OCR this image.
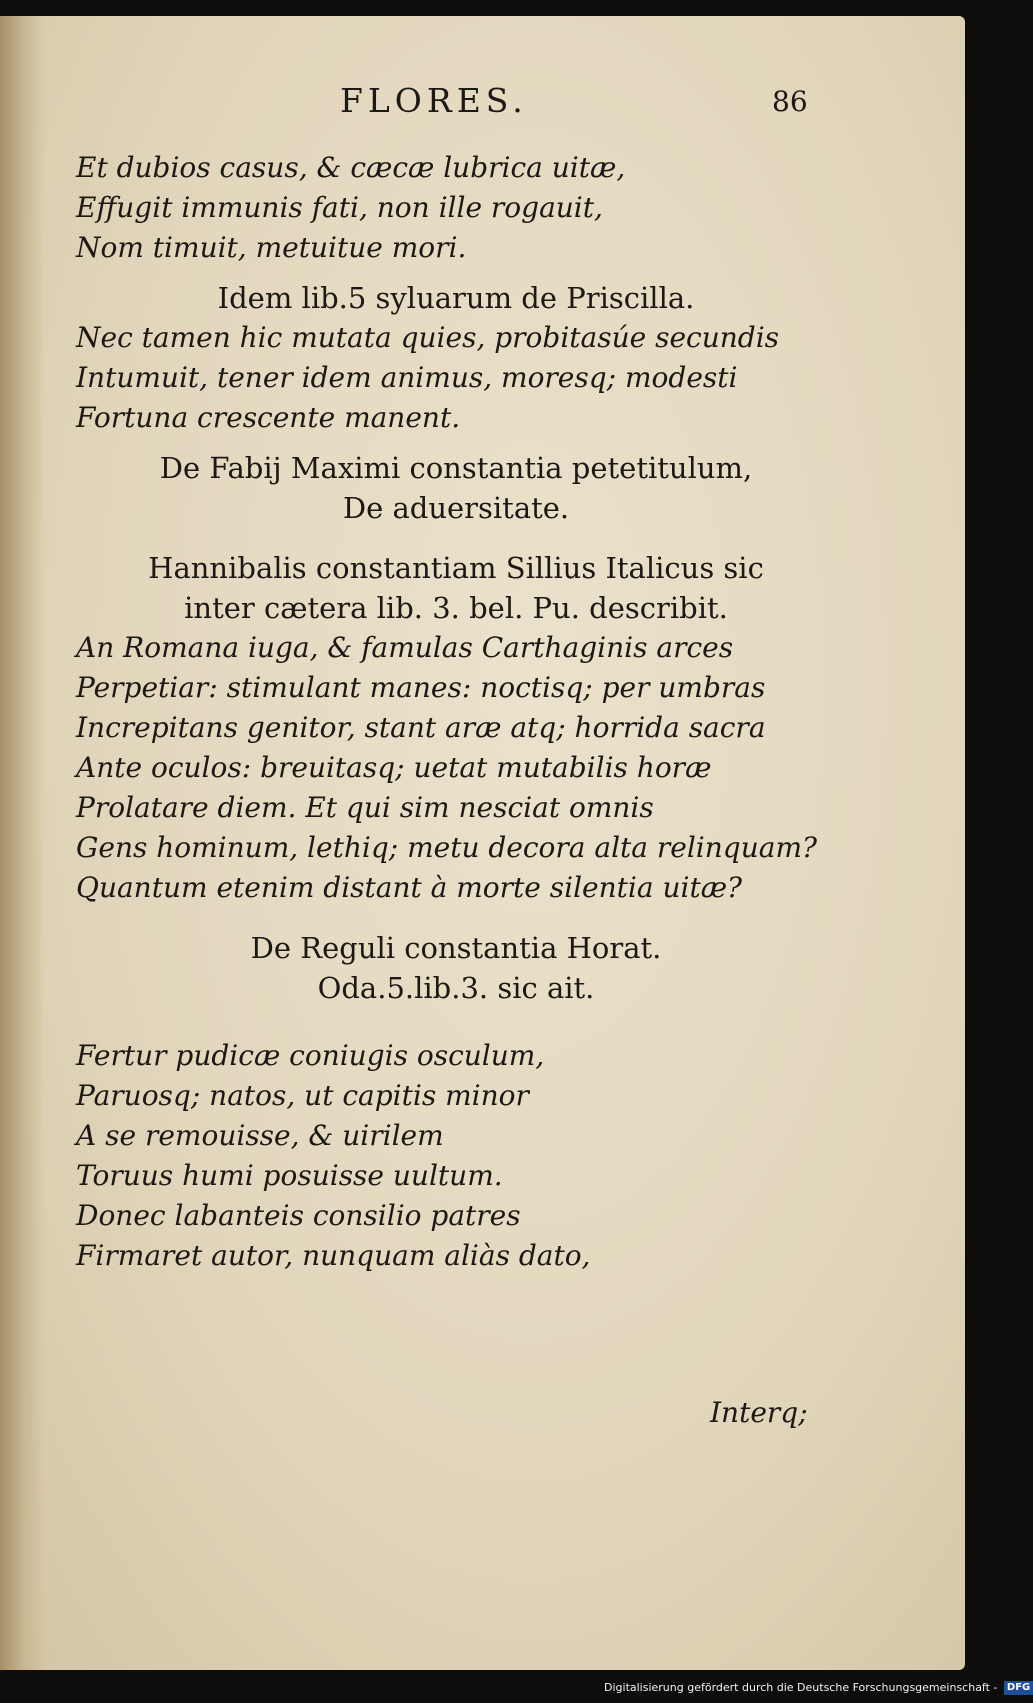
FLORES.	86
Et dubios casus, & cæcæ lubrica uitæ,
Effugit immunis fati, non ille rogauit,
Nom timuit, metuitue mori.
Idem lib.5 syluarum de Priscilla.
Nec tamen hic mutata quies, probitasúe secundis
Intumuit, tener idem animus, moresq; modesti
Fortuna crescente manent.
De Fabij Maximi constantia petetitulum,
De aduersitate.
Hannibalis constantiam Sillius Italicus sic
inter cætera lib. 3. bel. Pu. describit.
An Romana iuga, & famulas Carthaginis arces
Perpetiar: stimulant manes: noctisq; per umbras
Increpitans genitor, stant aræ atq; horrida sacra
Ante oculos: breuitasq; uetat mutabilis horæ
Prolatare diem. Et qui sim nesciat omnis
Gens hominum, lethiq; metu decora alta relinquam?
Quantum etenim distant à morte silentia uitæ?
De Reguli constantia Horat.
Oda.5.lib.3. sic ait.
Fertur pudicæ coniugis osculum,
Paruosq; natos, ut capitis minor
A se remouisse, & uirilem
Toruus humi posuisse uultum.
Donec labanteis consilio patres
Firmaret autor, nunquam aliàs dato,
Interq;
Digitalisierung gefördert durch die Deutsche Forschungsgemeinschaft - DFG
